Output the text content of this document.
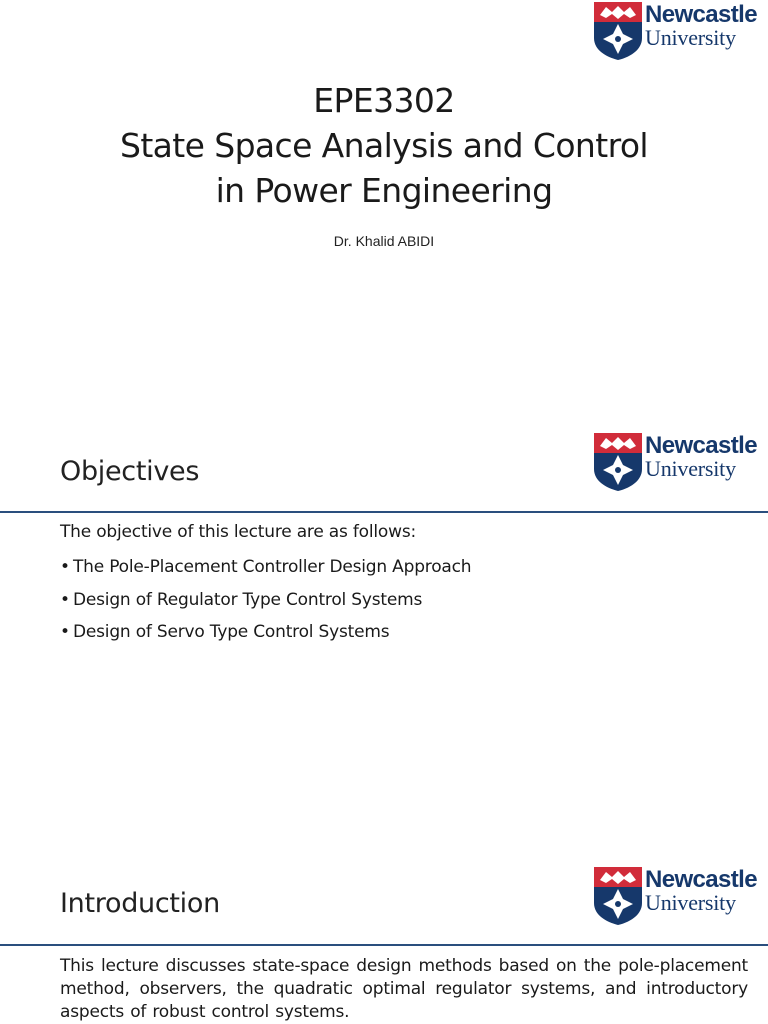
Newcastle
University
EPE3302
State Space Analysis and Control
in Power Engineering
Dr. Khalid ABIDI
Newcastle
University
Objectives
The objective of this lecture are as follows:
• The Pole-Placement Controller Design Approach
• Design of Regulator Type Control Systems
• Design of Servo Type Control Systems
Newcastle
University
Introduction
This lecture discusses state-space design methods based on the pole-placement method, observers, the quadratic optimal regulator systems, and introductory aspects of robust control systems.
